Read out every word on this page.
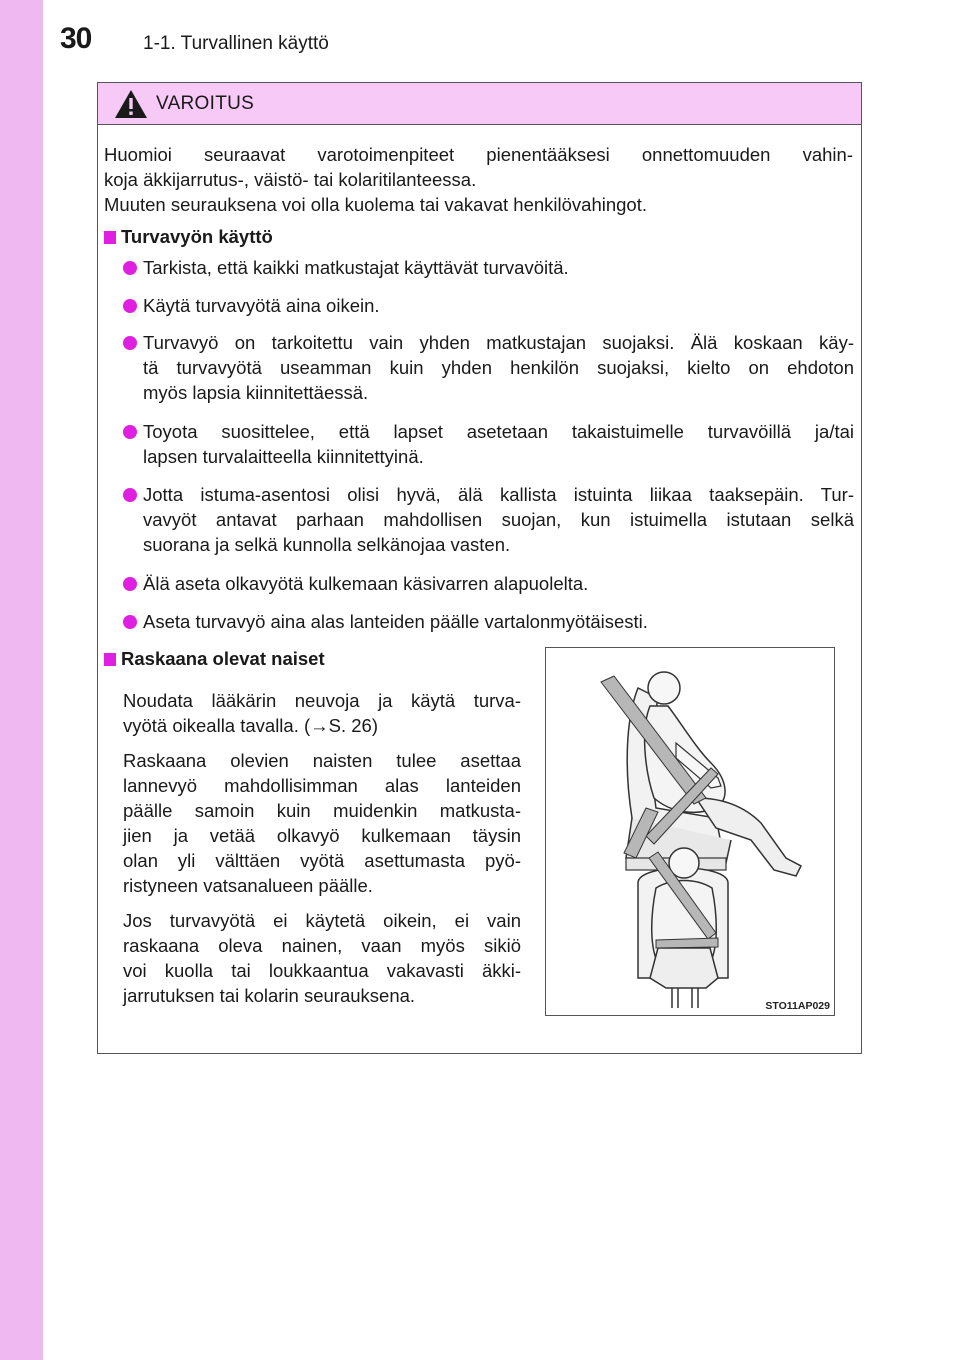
30	1-1. Turvallinen käyttö
VAROITUS
Huomioi seuraavat varotoimenpiteet pienentääksesi onnettomuuden vahin-
koja äkkijarrutus-, väistö- tai kolaritilanteessa.
Muuten seurauksena voi olla kuolema tai vakavat henkilövahingot.
Turvavyön käyttö
Tarkista, että kaikki matkustajat käyttävät turvavöitä.
Käytä turvavyötä aina oikein.
Turvavyö on tarkoitettu vain yhden matkustajan suojaksi. Älä koskaan käy-
tä turvavyötä useamman kuin yhden henkilön suojaksi, kielto on ehdoton
myös lapsia kiinnitettäessä.
Toyota suosittelee, että lapset asetetaan takaistuimelle turvavöillä ja/tai
lapsen turvalaitteella kiinnitettyinä.
Jotta istuma-asentosi olisi hyvä, älä kallista istuinta liikaa taaksepäin. Tur-
vavyöt antavat parhaan mahdollisen suojan, kun istuimella istutaan selkä
suorana ja selkä kunnolla selkänojaa vasten.
Älä aseta olkavyötä kulkemaan käsivarren alapuolelta.
Aseta turvavyö aina alas lanteiden päälle vartalonmyötäisesti.
Raskaana olevat naiset
Noudata lääkärin neuvoja ja käytä turva-
vyötä oikealla tavalla. (→S. 26)
Raskaana olevien naisten tulee asettaa
lannevyö mahdollisimman alas lanteiden
päälle samoin kuin muidenkin matkusta-
jien ja vetää olkavyö kulkemaan täysin
olan yli välttäen vyötä asettumasta pyö-
ristyneen vatsanalueen päälle.
Jos turvavyötä ei käytetä oikein, ei vain
raskaana oleva nainen, vaan myös sikiö
voi kuolla tai loukkaantua vakavasti äkki-
jarrutuksen tai kolarin seurauksena.	STO11AP029
